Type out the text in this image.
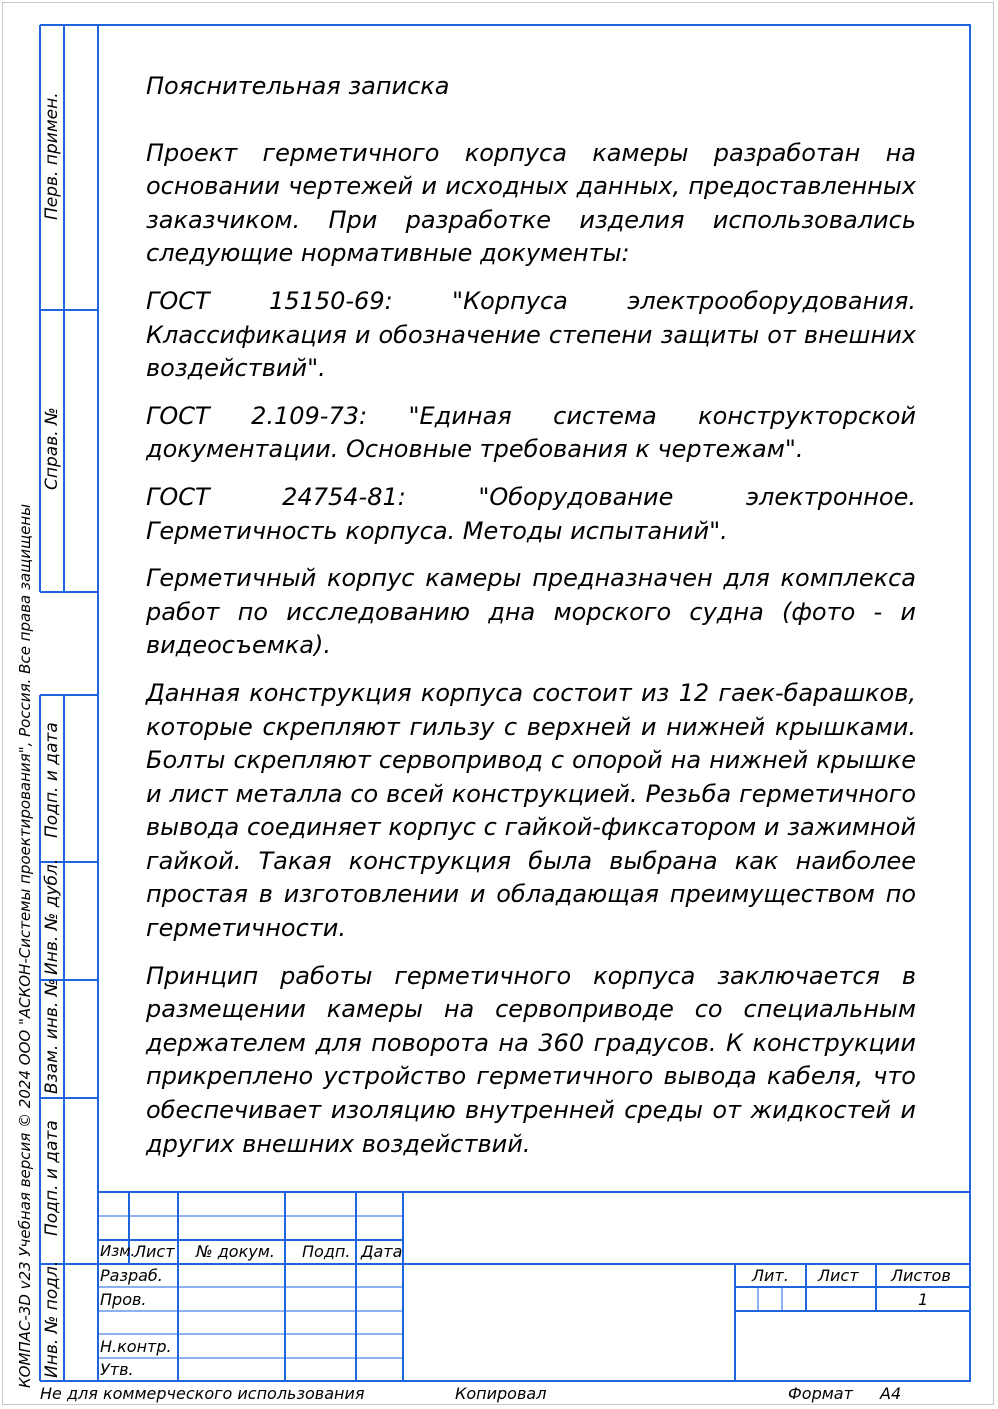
Перв. примен.
Справ. №
Подп. и дата
Инв. № дубл.
Взам. инв. №
Подп. и дата
Инв. № подл.
КОМПАС-3D v23 Учебная версия © 2024 ООО "АСКОН-Системы проектирования", Россия. Все права защищены

Пояснительная записка

Проект герметичного корпуса камеры разработан на основании чертежей и исходных данных, предоставленных заказчиком. При разработке изделия использовались следующие нормативные документы:

ГОСТ 15150-69: "Корпуса электрооборудования. Классификация и обозначение степени защиты от внешних воздействий".

ГОСТ 2.109-73: "Единая система конструкторской документации. Основные требования к чертежам".

ГОСТ 24754-81: "Оборудование электронное. Герметичность корпуса. Методы испытаний".

Герметичный корпус камеры предназначен для комплекса работ по исследованию дна морского судна (фото - и видеосъемка).

Данная конструкция корпуса состоит из 12 гаек-барашков, которые скрепляют гильзу с верхней и нижней крышками. Болты скрепляют сервопривод с опорой на нижней крышке и лист металла со всей конструкцией. Резьба герметичного вывода соединяет корпус с гайкой-фиксатором и зажимной гайкой. Такая конструкция была выбрана как наиболее простая в изготовлении и обладающая преимуществом по герметичности.

Принцип работы герметичного корпуса заключается в размещении камеры на сервоприводе со специальным держателем для поворота на 360 градусов. К конструкции прикреплено устройство герметичного вывода кабеля, что обеспечивает изоляцию внутренней среды от жидкостей и других внешних воздействий.

Изм.
Лист № докум. Подп. Дата
Разраб.
Пров.
Н.контр.
Утв.
Лит. Лист Листов
1
Не для коммерческого использования	Копировал	Формат А4
